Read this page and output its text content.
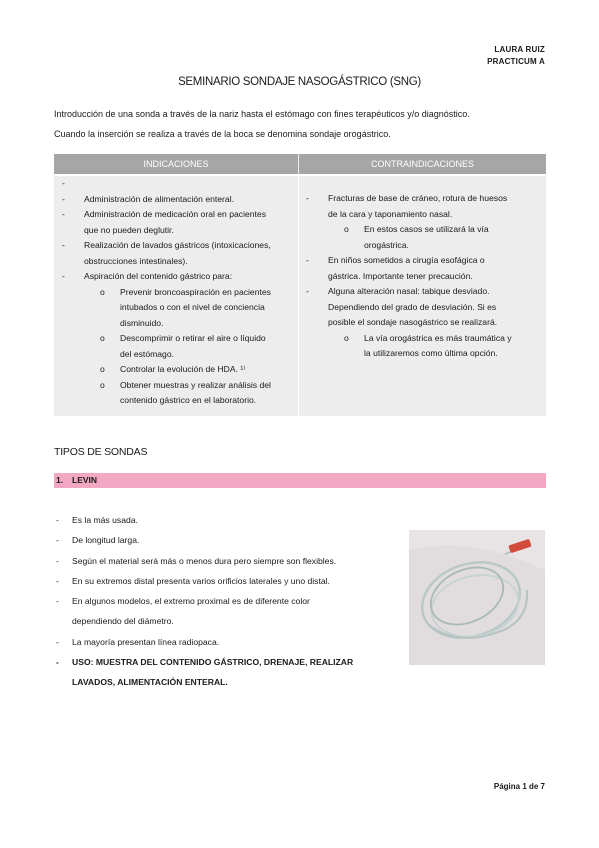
LAURA RUIZ
PRACTICUM A
SEMINARIO SONDAJE NASOGÁSTRICO (SNG)
Introducción de una sonda a través de la nariz hasta el estómago con fines terapéuticos y/o diagnóstico.
Cuando la inserción se realiza a través de la boca se denomina sondaje orogástrico.
INDICACIONES	CONTRAINDICACIONES
-

- Administración de alimentación enteral.
- Administración de medicación oral en pacientes
que no pueden deglutir.
- Realización de lavados gástricos (intoxicaciones,
obstrucciones intestinales).
- Aspiración del contenido gástrico para:
o Prevenir broncoaspiración en pacientes
intubados o con el nivel de conciencia
disminuido.
o Descomprimir o retirar el aire o líquido
del estómago.
o Controlar la evolución de HDA. ¹⁾
o Obtener muestras y realizar análisis del
contenido gástrico en el laboratorio.
- Fracturas de base de cráneo, rotura de huesos
de la cara y taponamiento nasal.
o En estos casos se utilizará la vía
orogástrica.
- En niños sometidos a cirugía esofágica o
gástrica. Importante tener precaución.
- Alguna alteración nasal: tabique desviado.
Dependiendo del grado de desviación. Si es
posible el sondaje nasogástrico se realizará.
o La vía orogástrica es más traumática y
la utilizaremos como última opción.
TIPOS DE SONDAS
1. LEVIN
- Es la más usada.
- De longitud larga.
- Según el material será más o menos dura pero siempre son flexibles.
- En su extremos distal presenta varios orificios laterales y uno distal.
- En algunos modelos, el extremo proximal es de diferente color
dependiendo del diámetro.
- La mayoría presentan línea radiopaca.
- USO: MUESTRA DEL CONTENIDO GÁSTRICO, DRENAJE, REALIZAR
LAVADOS, ALIMENTACIÓN ENTERAL.
Página 1 de 7
